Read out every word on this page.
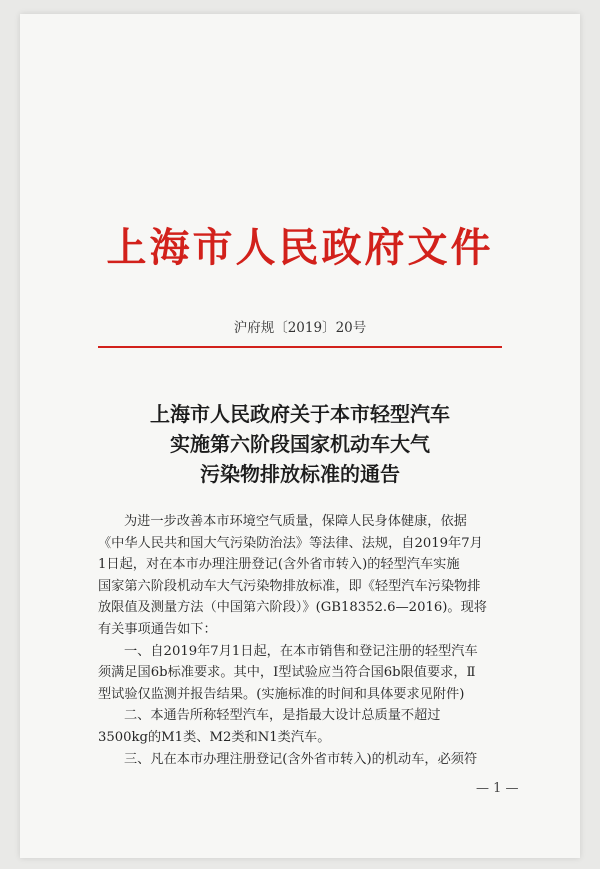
上海市人民政府文件
沪府规〔2019〕20号
上海市人民政府关于本市轻型汽车
实施第六阶段国家机动车大气
污染物排放标准的通告
为进一步改善本市环境空气质量，保障人民身体健康，依据
《中华人民共和国大气污染防治法》等法律、法规，自2019年7月
1日起，对在本市办理注册登记(含外省市转入)的轻型汽车实施
国家第六阶段机动车大气污染物排放标准，即《轻型汽车污染物排
放限值及测量方法（中国第六阶段）》(GB18352.6—2016)。现将
有关事项通告如下：
一、自2019年7月1日起，在本市销售和登记注册的轻型汽车
须满足国6b标准要求。其中，Ⅰ型试验应当符合国6b限值要求，Ⅱ
型试验仅监测并报告结果。(实施标准的时间和具体要求见附件)
二、本通告所称轻型汽车，是指最大设计总质量不超过
3500kg的M1类、M2类和N1类汽车。
三、凡在本市办理注册登记(含外省市转入)的机动车，必须符
— 1 —
